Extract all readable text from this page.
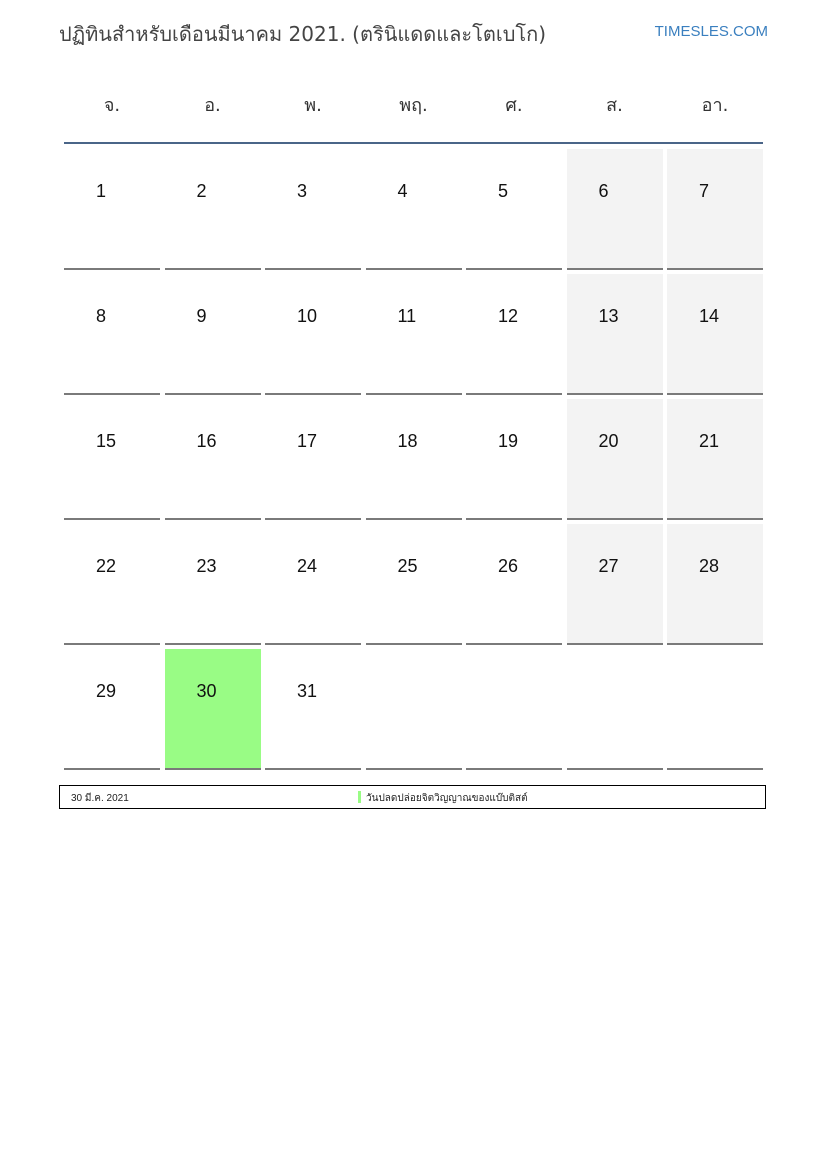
ปฏิทินสำหรับเดือนมีนาคม 2021. (ตรินิแดดและโตเบโก)	TIMESLES.COM
จ.	อ.	พ.	พฤ.	ศ.	ส.	อา.
1	2	3	4	5	6	7
8	9	10	11	12	13	14
15	16	17	18	19	20	21
22	23	24	25	26	27	28
29	30	31
30 มี.ค. 2021	วันปลดปล่อยจิตวิญญาณของแบ๊บติสต์
